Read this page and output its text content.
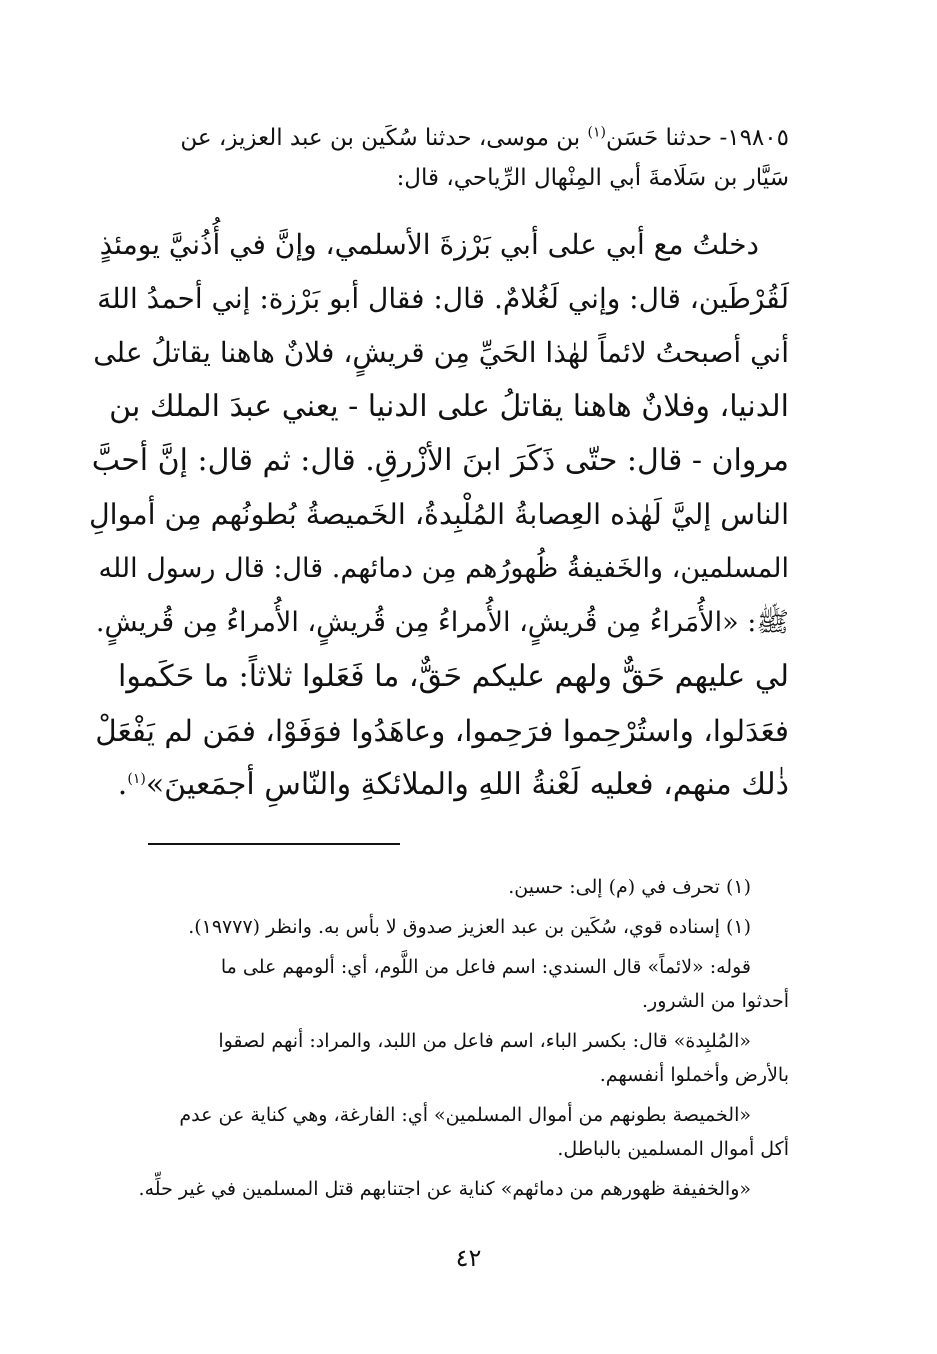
١٩٨٠٥- حدثنا حَسَن$^{(١)}$ بن موسى، حدثنا سُكَين بن عبد العزيز، عن
سَيَّار بن سَلَامةَ أبي المِنْهال الرِّياحي، قال:

دخلتُ مع أبي على أبي بَرْزةَ الأسلمي، وإنَّ في أُذُنيَّ يومئذٍ
لَقُرْطَين، قال: وإني لَغُلامٌ. قال: فقال أبو بَرْزة: إني أحمدُ اللهَ
أني أصبحتُ لائماً لهٰذا الحَيِّ مِن قريشٍ، فلانٌ هاهنا يقاتلُ على
الدنيا، وفلانٌ هاهنا يقاتلُ على الدنيا - يعني عبدَ الملك بن
مروان - قال: حتّى ذَكَرَ ابنَ الأزْرقِ. قال: ثم قال: إنَّ أحبَّ
الناس إليَّ لَهٰذه العِصابةُ المُلْبِدةُ، الخَميصةُ بُطونُهم مِن أموالِ
المسلمين، والخَفيفةُ ظُهورُهم مِن دمائهم. قال: قال رسول الله
ﷺ: «الأُمَراءُ مِن قُريشٍ، الأُمراءُ مِن قُريشٍ، الأُمراءُ مِن قُريشٍ.
لي عليهم حَقٌّ ولهم عليكم حَقٌّ، ما فَعَلوا ثلاثاً: ما حَكَموا
فعَدَلوا، واستُرْحِموا فرَحِموا، وعاهَدُوا فوَفَوْا، فمَن لم يَفْعَلْ
ذٰلك منهم، فعليه لَعْنةُ اللهِ والملائكةِ والنّاسِ أجمَعينَ»$^{(١)}$.

(١) تحرف في (م) إلى: حسين.

(١) إسناده قوي، سُكَين بن عبد العزيز صدوق لا بأس به. وانظر (١٩٧٧٧).

قوله: «لائماً» قال السندي: اسم فاعل من اللَّوم، أي: ألومهم على ما
أحدثوا من الشرور.

«المُلبِدة» قال: بكسر الباء، اسم فاعل من اللبد، والمراد: أنهم لصقوا
بالأرض وأخملوا أنفسهم.

«الخميصة بطونهم من أموال المسلمين» أي: الفارغة، وهي كناية عن عدم
أكل أموال المسلمين بالباطل.

«والخفيفة ظهورهم من دمائهم» كناية عن اجتنابهم قتل المسلمين في غير حلِّه.

٤٢
